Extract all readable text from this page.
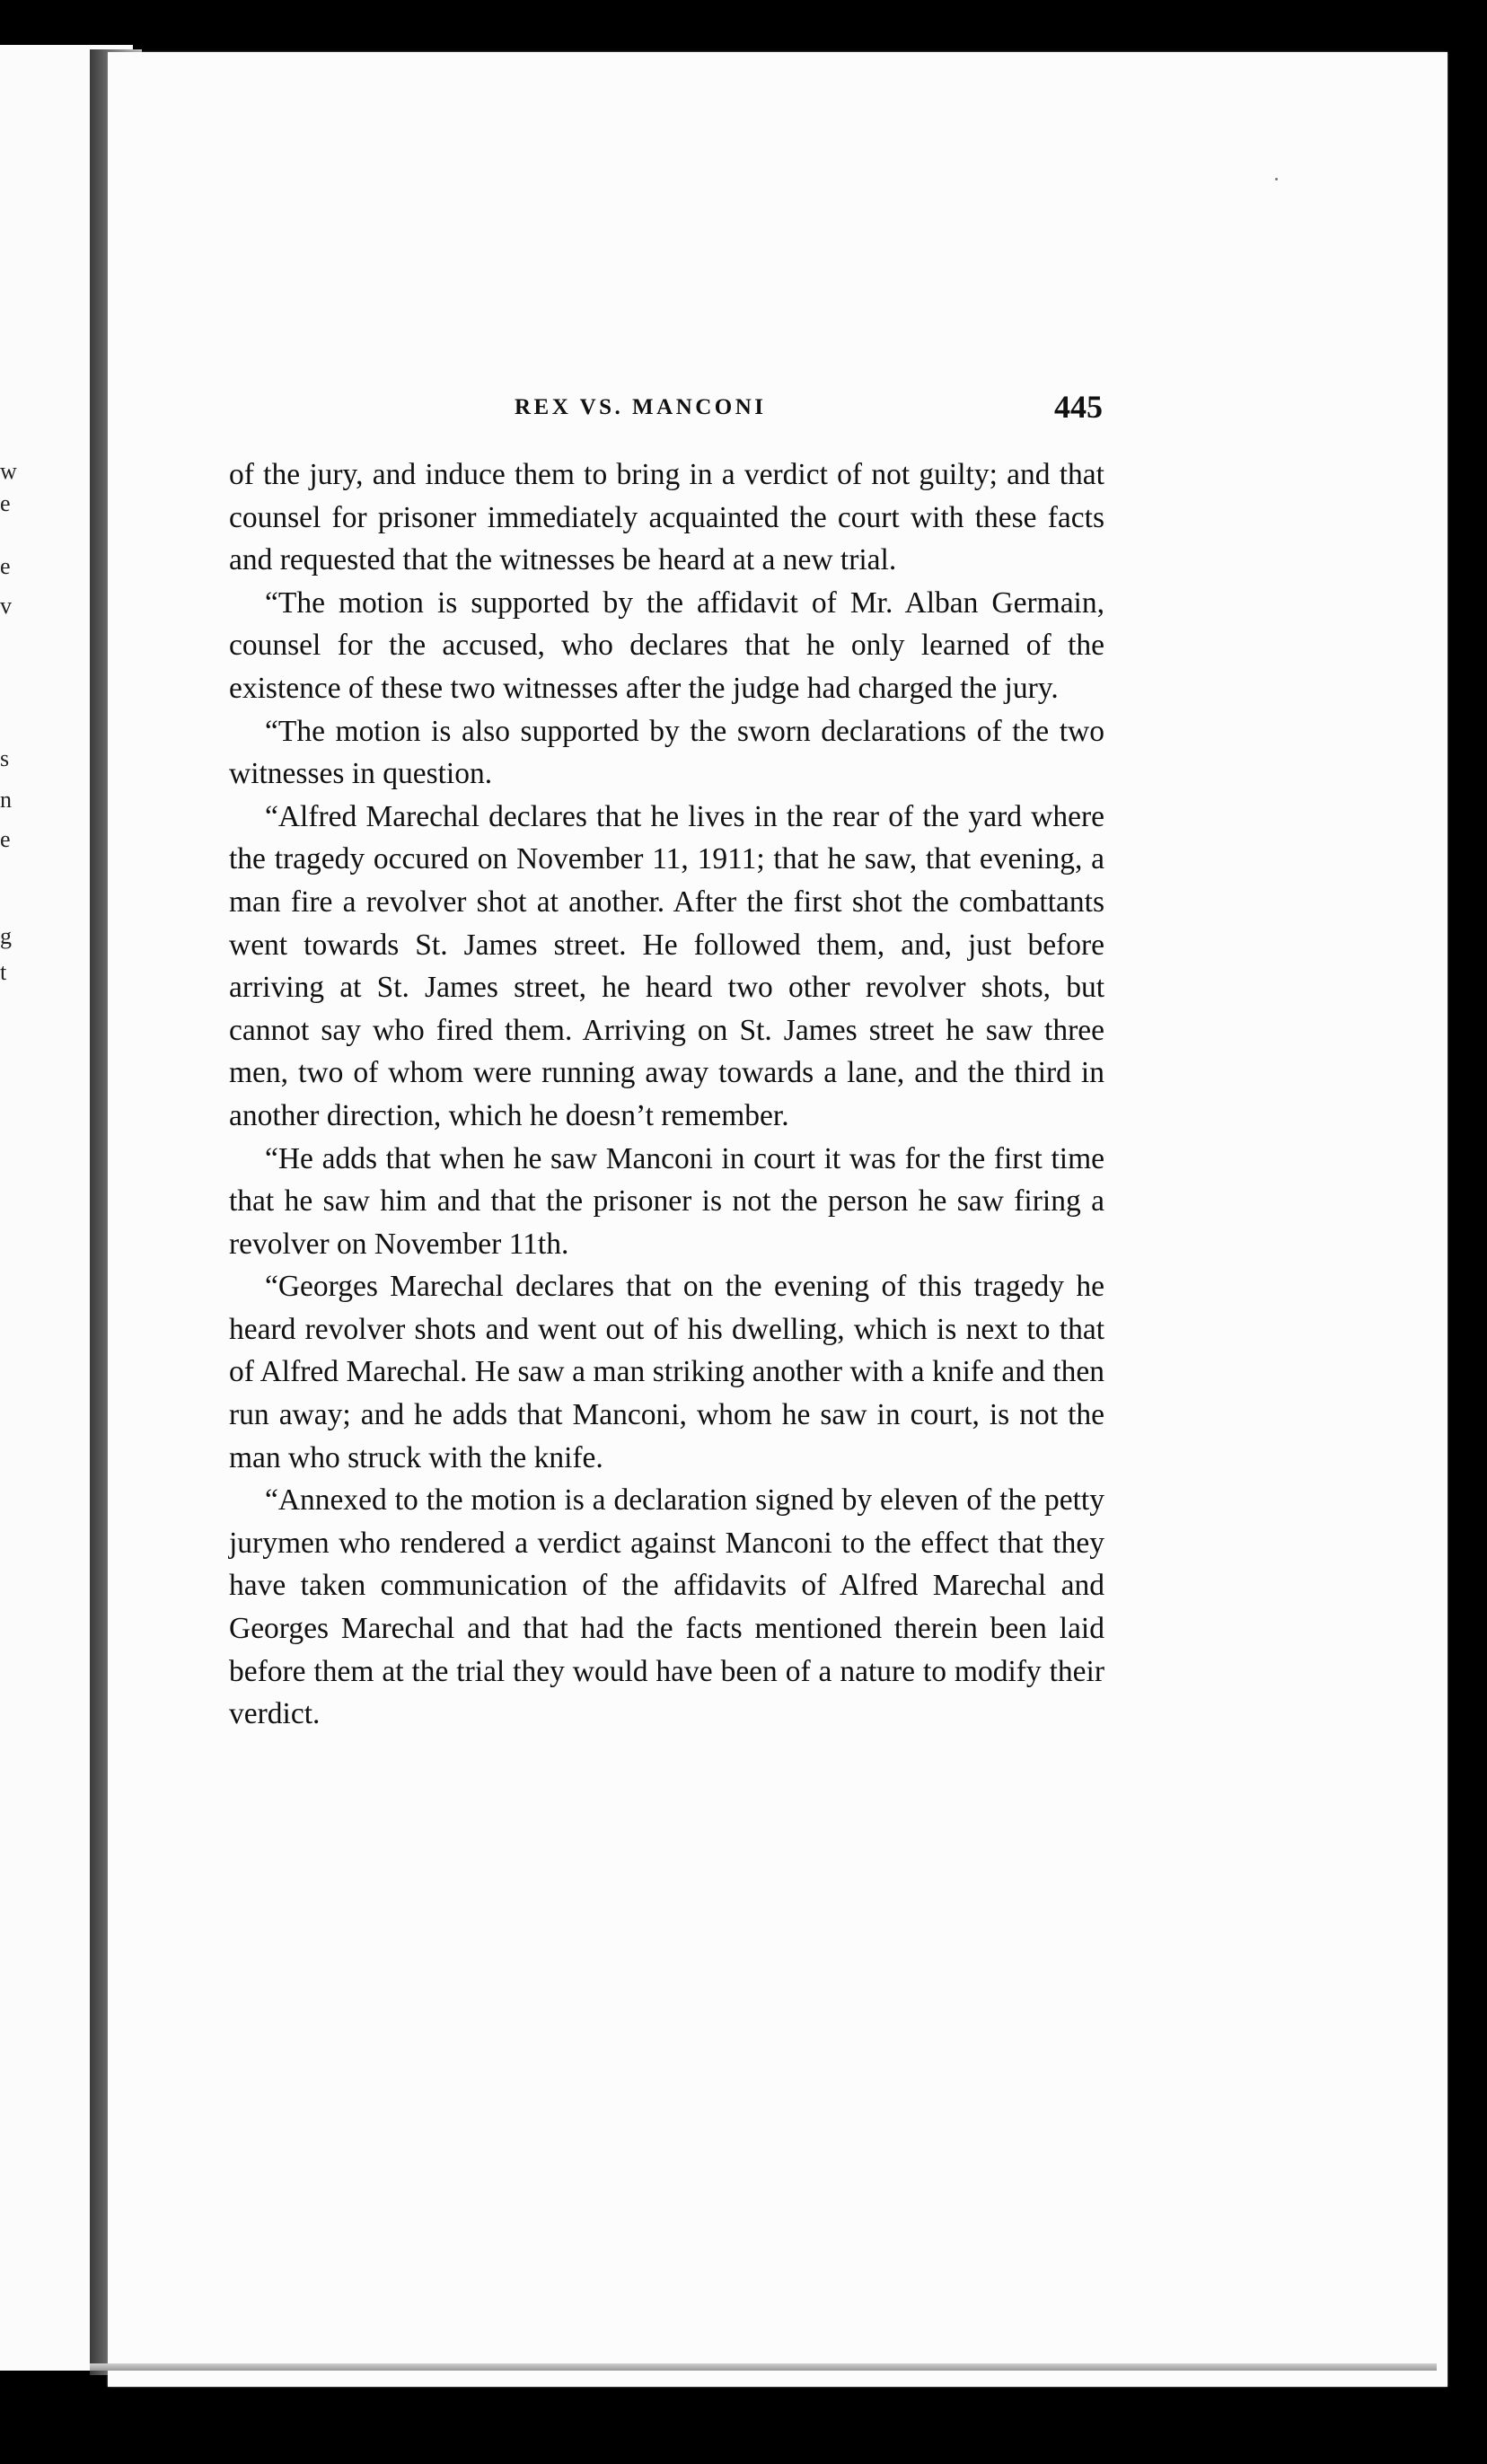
w
e
e
v
s
n
e
g
t
REX VS. MANCONI	445

of the jury, and induce them to bring in a verdict of not guilty; and that counsel for prisoner immediately acquainted the court with these facts and requested that the witnesses be heard at a new trial.

“The motion is supported by the affidavit of Mr. Alban Germain, counsel for the accused, who declares that he only learned of the existence of these two witnesses after the judge had charged the jury.

“The motion is also supported by the sworn declarations of the two witnesses in question.

“Alfred Marechal declares that he lives in the rear of the yard where the tragedy occured on November 11, 1911; that he saw, that evening, a man fire a revolver shot at another. After the first shot the combattants went towards St. James street. He followed them, and, just before arriving at St. James street, he heard two other revolver shots, but cannot say who fired them. Arriving on St. James street he saw three men, two of whom were running away towards a lane, and the third in another direction, which he doesn’t remember.

“He adds that when he saw Manconi in court it was for the first time that he saw him and that the prisoner is not the person he saw firing a revolver on November 11th.

“Georges Marechal declares that on the evening of this tragedy he heard revolver shots and went out of his dwelling, which is next to that of Alfred Marechal. He saw a man striking another with a knife and then run away; and he adds that Manconi, whom he saw in court, is not the man who struck with the knife.

“Annexed to the motion is a declaration signed by eleven of the petty jurymen who rendered a verdict against Manconi to the effect that they have taken communication of the affidavits of Alfred Marechal and Georges Marechal and that had the facts mentioned therein been laid before them at the trial they would have been of a nature to modify their verdict.
